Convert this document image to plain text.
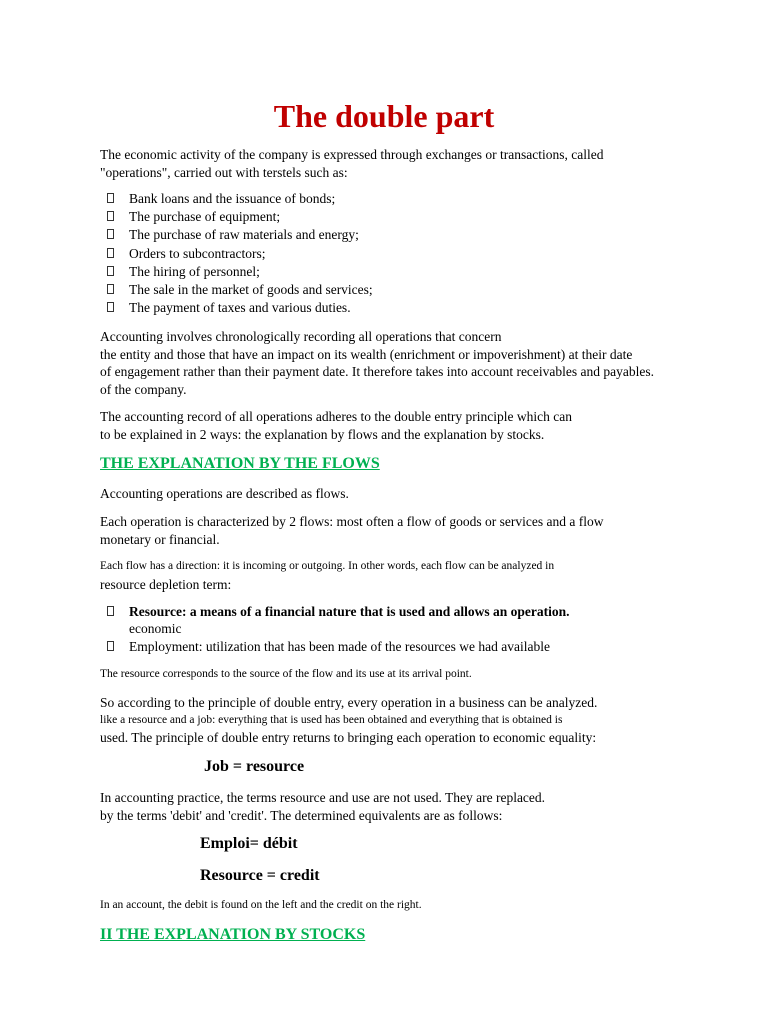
The double part
The economic activity of the company is expressed through exchanges or transactions, called
"operations", carried out with terstels such as:
Bank loans and the issuance of bonds;
The purchase of equipment;
The purchase of raw materials and energy;
Orders to subcontractors;
The hiring of personnel;
The sale in the market of goods and services;
The payment of taxes and various duties.
Accounting involves chronologically recording all operations that concern
the entity and those that have an impact on its wealth (enrichment or impoverishment) at their date
of engagement rather than their payment date. It therefore takes into account receivables and payables.
of the company.
The accounting record of all operations adheres to the double entry principle which can
to be explained in 2 ways: the explanation by flows and the explanation by stocks.
THE EXPLANATION BY THE FLOWS
Accounting operations are described as flows.
Each operation is characterized by 2 flows: most often a flow of goods or services and a flow
monetary or financial.
Each flow has a direction: it is incoming or outgoing. In other words, each flow can be analyzed in
resource depletion term:
Resource: a means of a financial nature that is used and allows an operation.
economic
Employment: utilization that has been made of the resources we had available
The resource corresponds to the source of the flow and its use at its arrival point.
So according to the principle of double entry, every operation in a business can be analyzed.
like a resource and a job: everything that is used has been obtained and everything that is obtained is
used. The principle of double entry returns to bringing each operation to economic equality:
Job = resource
In accounting practice, the terms resource and use are not used. They are replaced.
by the terms 'debit' and 'credit'. The determined equivalents are as follows:
Emploi= débit
Resource = credit
In an account, the debit is found on the left and the credit on the right.
II THE EXPLANATION BY STOCKS
